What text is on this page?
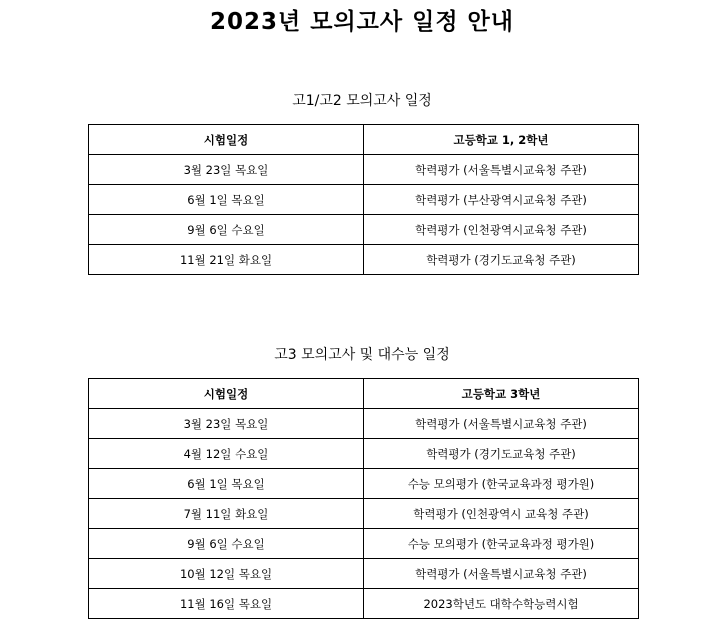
2023년 모의고사 일정 안내
고1/고2 모의고사 일정
시험일정	고등학교 1, 2학년
3월 23일 목요일	학력평가 (서울특별시교육청 주관)
6월 1일 목요일	학력평가 (부산광역시교육청 주관)
9월 6일 수요일	학력평가 (인천광역시교육청 주관)
11월 21일 화요일	학력평가 (경기도교육청 주관)
고3 모의고사 및 대수능 일정
시험일정	고등학교 3학년
3월 23일 목요일	학력평가 (서울특별시교육청 주관)
4월 12일 수요일	학력평가 (경기도교육청 주관)
6월 1일 목요일	수능 모의평가 (한국교육과정 평가원)
7월 11일 화요일	학력평가 (인천광역시 교육청 주관)
9월 6일 수요일	수능 모의평가 (한국교육과정 평가원)
10월 12일 목요일	학력평가 (서울특별시교육청 주관)
11월 16일 목요일	2023학년도 대학수학능력시험
